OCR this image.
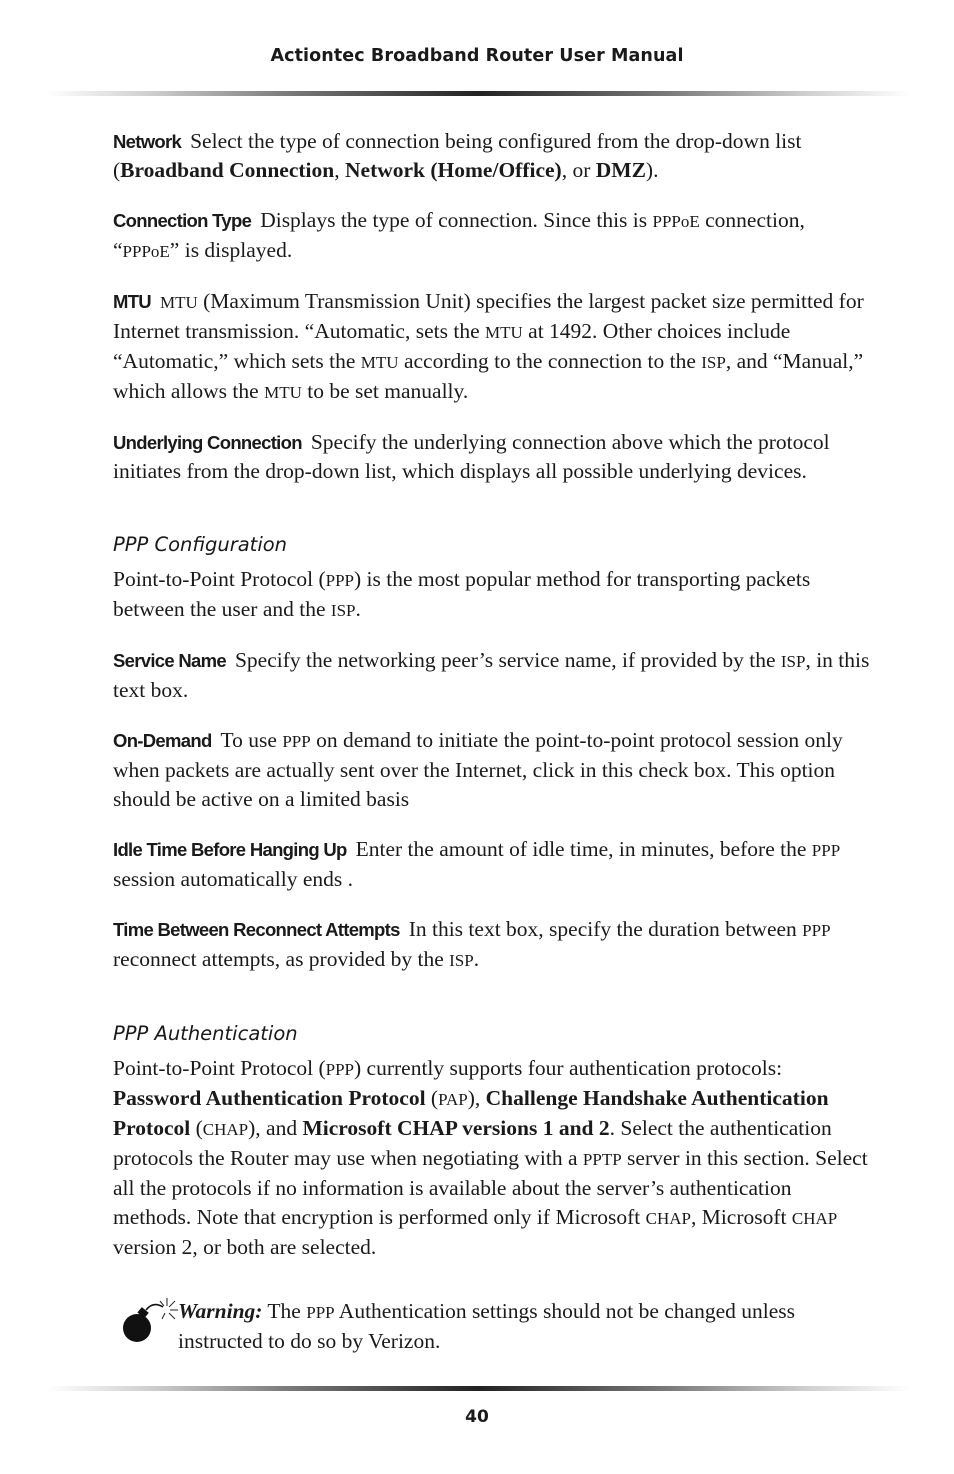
Actiontec Broadband Router User Manual
Network Select the type of connection being configured from the drop-down list (Broadband Connection, Network (Home/Office), or DMZ).
Connection Type Displays the type of connection. Since this is PPPoE connection, “PPPoE” is displayed.
MTU MTU (Maximum Transmission Unit) specifies the largest packet size permitted for Internet transmission. “Automatic, sets the MTU at 1492. Other choices include “Automatic,” which sets the MTU according to the connection to the ISP, and “Manual,” which allows the MTU to be set manually.
Underlying Connection Specify the underlying connection above which the protocol initiates from the drop-down list, which displays all possible underlying devices.
PPP Configuration
Point-to-Point Protocol (PPP) is the most popular method for transporting packets between the user and the ISP.
Service Name Specify the networking peer’s service name, if provided by the ISP, in this text box.
On-Demand To use PPP on demand to initiate the point-to-point protocol session only when packets are actually sent over the Internet, click in this check box. This option should be active on a limited basis
Idle Time Before Hanging Up Enter the amount of idle time, in minutes, before the PPP session automatically ends .
Time Between Reconnect Attempts In this text box, specify the duration between PPP reconnect attempts, as provided by the ISP.
PPP Authentication
Point-to-Point Protocol (PPP) currently supports four authentication protocols: Password Authentication Protocol (PAP), Challenge Handshake Authentication Protocol (CHAP), and Microsoft CHAP versions 1 and 2. Select the authentication protocols the Router may use when negotiating with a PPTP server in this section. Select all the protocols if no information is available about the server’s authentication methods. Note that encryption is performed only if Microsoft CHAP, Microsoft CHAP version 2, or both are selected.
Warning: The PPP Authentication settings should not be changed unless instructed to do so by Verizon.
40
